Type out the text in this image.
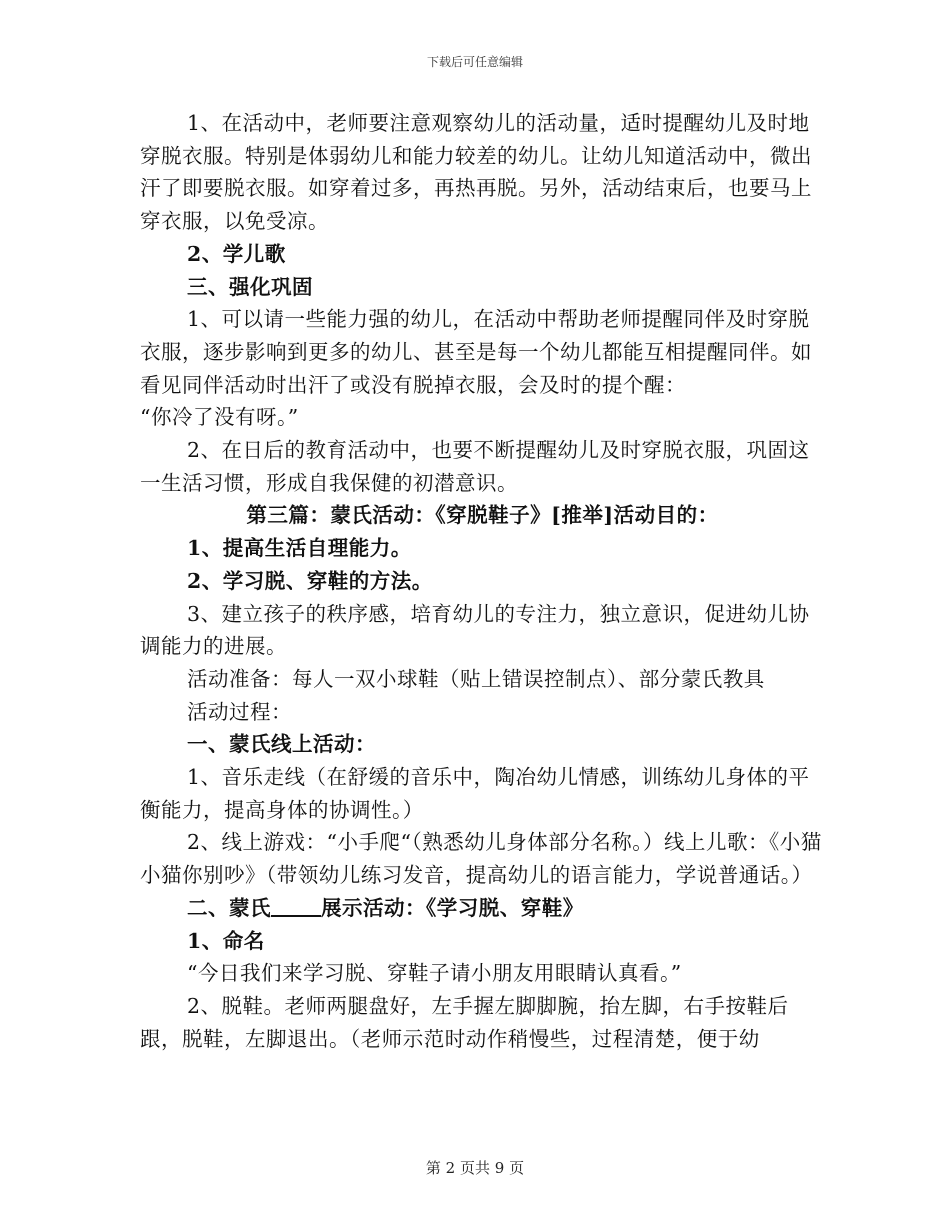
下载后可任意编辑

1、在活动中，老师要注意观察幼儿的活动量，适时提醒幼儿及时地穿脱衣服。特别是体弱幼儿和能力较差的幼儿。让幼儿知道活动中，微出汗了即要脱衣服。如穿着过多，再热再脱。另外，活动结束后，也要马上穿衣服，以免受凉。

2、学儿歌

三、强化巩固

1、可以请一些能力强的幼儿，在活动中帮助老师提醒同伴及时穿脱衣服，逐步影响到更多的幼儿、甚至是每一个幼儿都能互相提醒同伴。如看见同伴活动时出汗了或没有脱掉衣服，会及时的提个醒：

“你冷了没有呀。”

2、在日后的教育活动中，也要不断提醒幼儿及时穿脱衣服，巩固这一生活习惯，形成自我保健的初潜意识。

第三篇：蒙氏活动：《穿脱鞋子》[推举]活动目的：

1、提高生活自理能力。

2、学习脱、穿鞋的方法。

3、建立孩子的秩序感，培育幼儿的专注力，独立意识，促进幼儿协调能力的进展。

活动准备：每人一双小球鞋（贴上错误控制点）、部分蒙氏教具

活动过程：

一、蒙氏线上活动：

1、音乐走线（在舒缓的音乐中，陶冶幼儿情感，训练幼儿身体的平衡能力，提高身体的协调性。）

2、线上游戏：“小手爬“（熟悉幼儿身体部分名称。）线上儿歌：《小猫小猫你别吵》（带领幼儿练习发音，提高幼儿的语言能力，学说普通话。）

二、蒙氏 展示活动：《学习脱、穿鞋》

1、命名

“今日我们来学习脱、穿鞋子请小朋友用眼睛认真看。”

2、脱鞋。老师两腿盘好，左手握左脚脚腕，抬左脚，右手按鞋后跟，脱鞋，左脚退出。（老师示范时动作稍慢些，过程清楚，便于幼

第 2 页共 9 页
